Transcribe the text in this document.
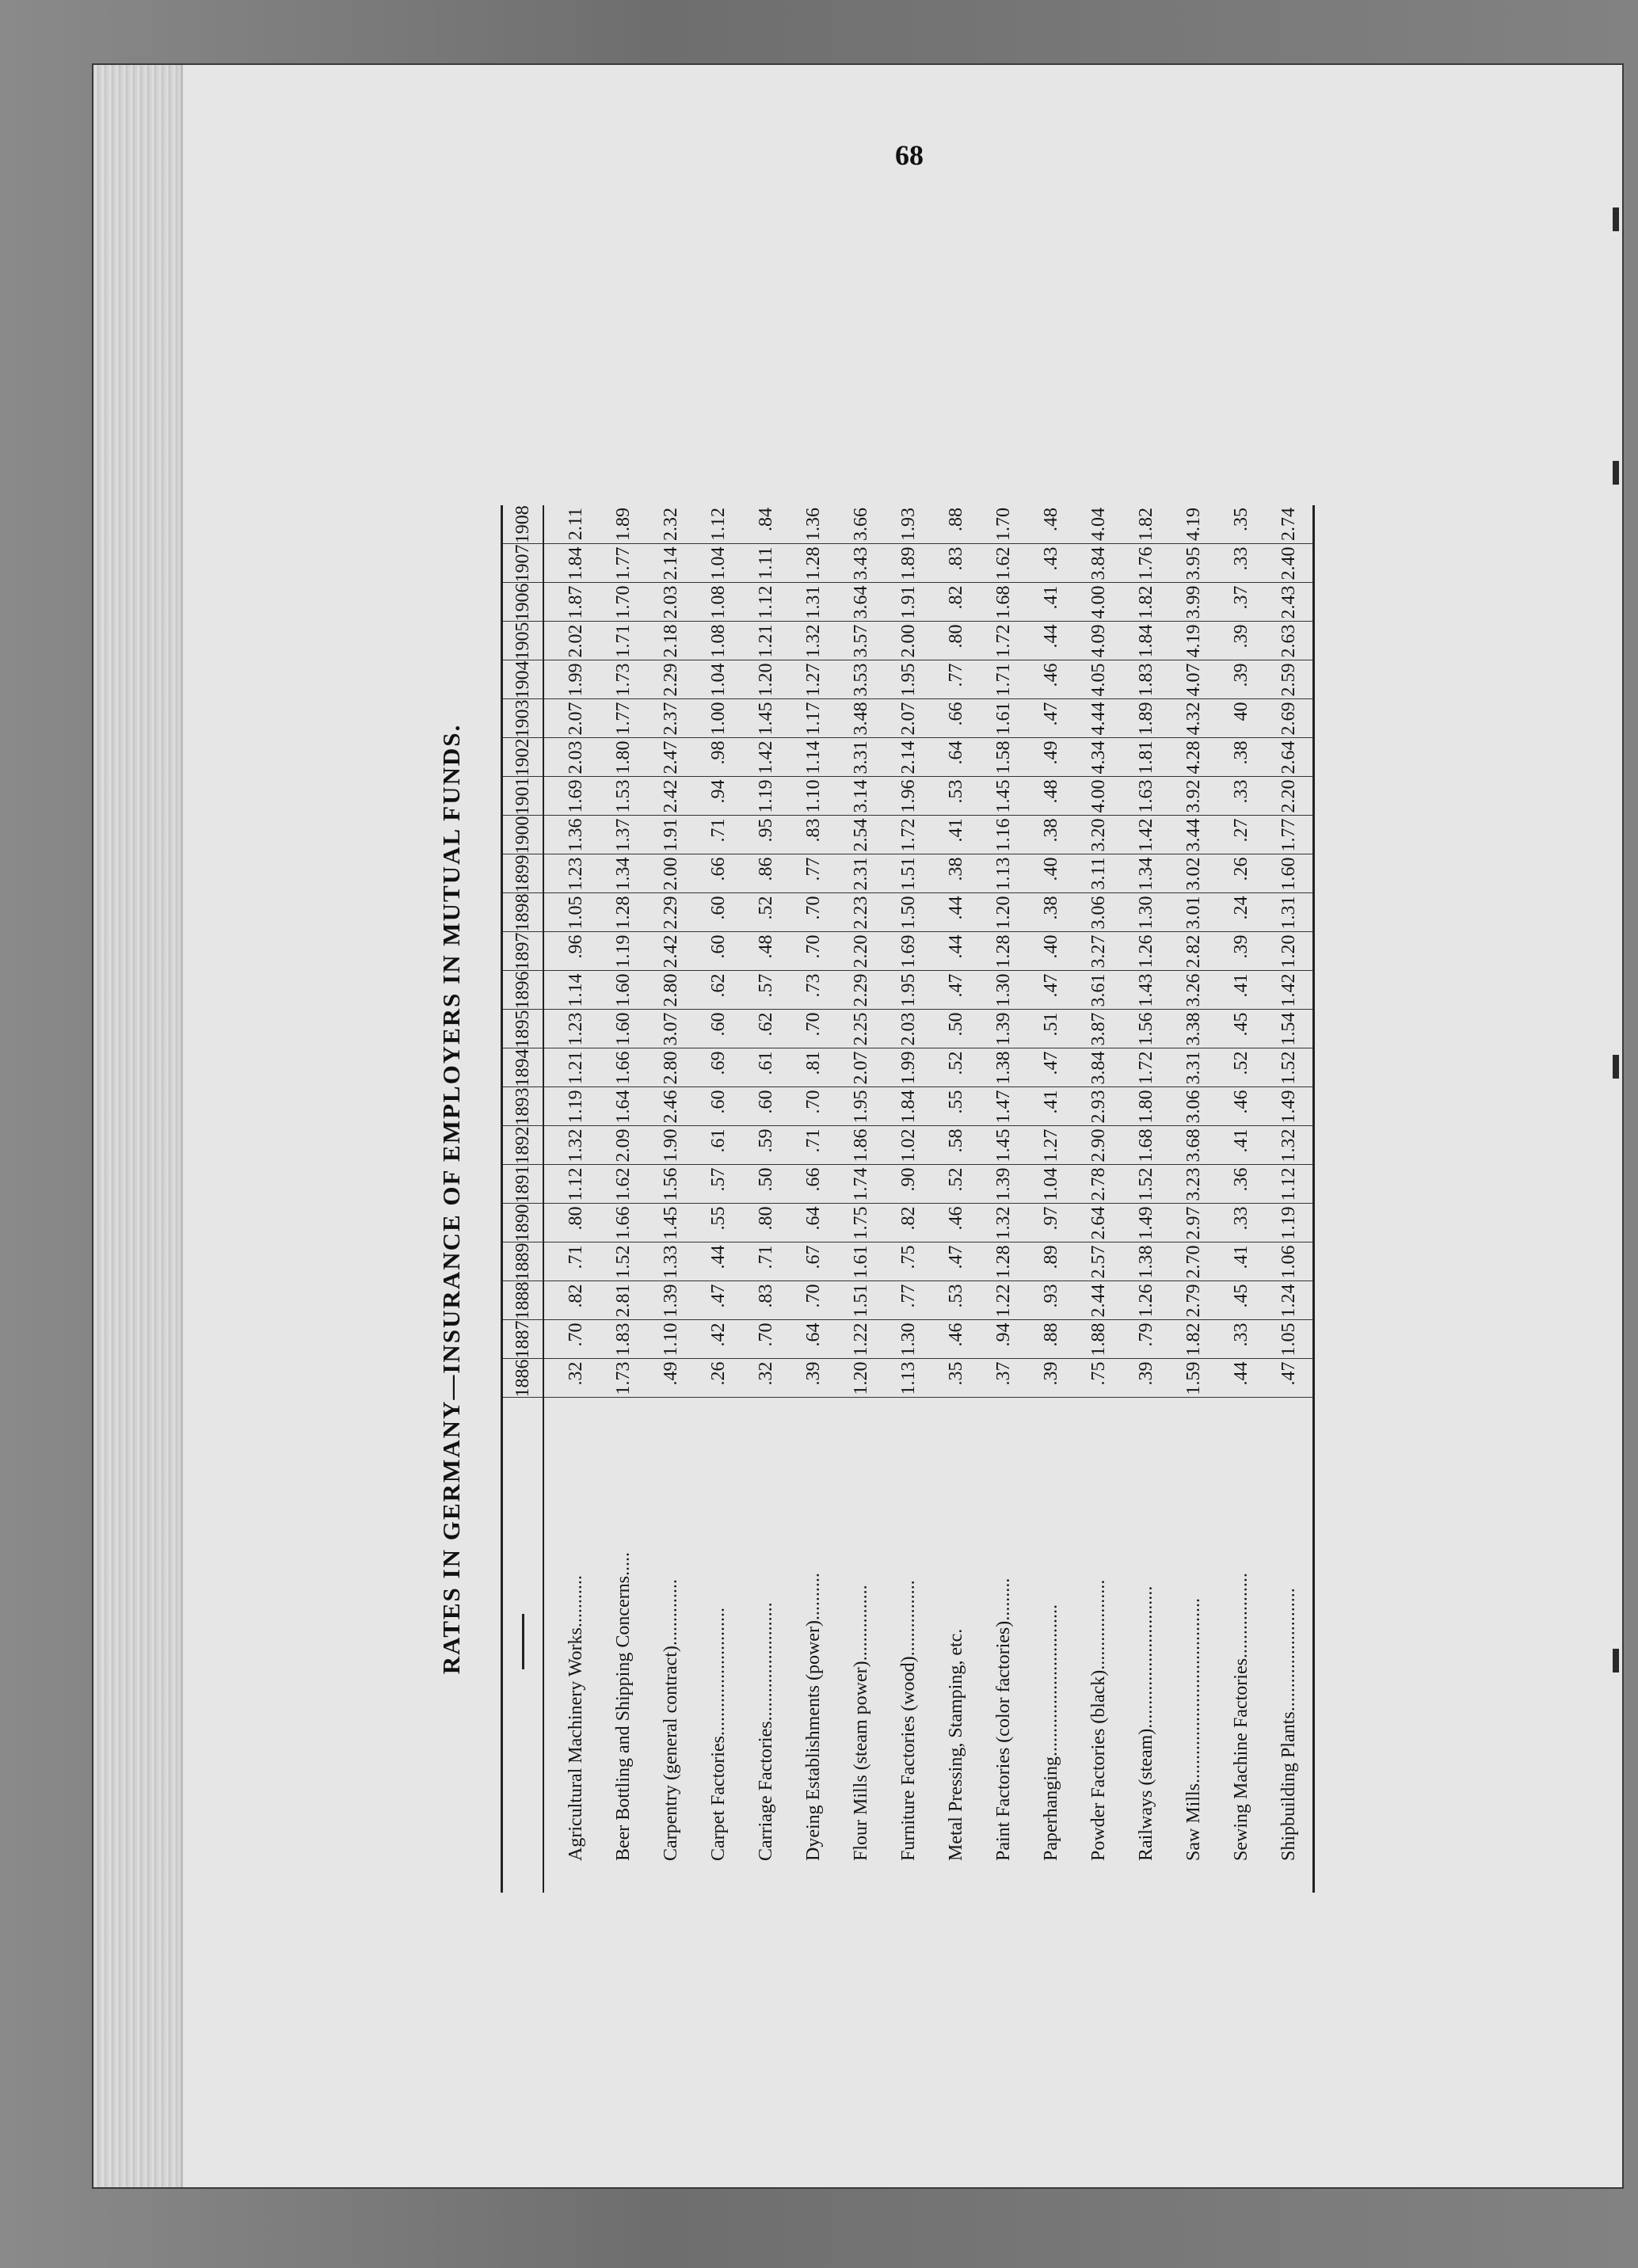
68
RATES IN GERMANY—INSURANCE OF EMPLOYERS IN MUTUAL FUNDS.
		1886	1887	1888	1889	1890	1891	1892	1893	1894	1895	1896	1897	1898	1899	1900	1901	1902	1903	1904	1905	1906	1907	1908
Agricultural Machinery Works...........	.32	.70	.82	.71	.80	1.12	1.32	1.19	1.21	1.23	1.14	.96	1.05	1.23	1.36	1.69	2.03	2.07	1.99	2.02	1.87	1.84	2.11
Beer Bottling and Shipping Concerns.....	1.73	1.83	2.81	1.52	1.66	1.62	2.09	1.64	1.66	1.60	1.60	1.19	1.28	1.34	1.37	1.53	1.80	1.77	1.73	1.71	1.70	1.77	1.89
Carpentry (general contract)..............	.49	1.10	1.39	1.33	1.45	1.56	1.90	2.46	2.80	3.07	2.80	2.42	2.29	2.00	1.91	2.42	2.47	2.37	2.29	2.18	2.03	2.14	2.32
Carpet Factories...........................	.26	.42	.47	.44	.55	.57	.61	.60	.69	.60	.62	.60	.60	.66	.71	.94	.98	1.00	1.04	1.08	1.08	1.04	1.12
Carriage Factories.........................	.32	.70	.83	.71	.80	.50	.59	.60	.61	.62	.57	.48	.52	.86	.95	1.19	1.42	1.45	1.20	1.21	1.12	1.11	.84
Dyeing Establishments (power)..........	.39	.64	.70	.67	.64	.66	.71	.70	.81	.70	.73	.70	.70	.77	.83	1.10	1.14	1.17	1.27	1.32	1.31	1.28	1.36
Flour Mills (steam power)................	1.20	1.22	1.51	1.61	1.75	1.74	1.86	1.95	2.07	2.25	2.29	2.20	2.23	2.31	2.54	3.14	3.31	3.48	3.53	3.57	3.64	3.43	3.66
Furniture Factories (wood)................	1.13	1.30	.77	.75	.82	.90	1.02	1.84	1.99	2.03	1.95	1.69	1.50	1.51	1.72	1.96	2.14	2.07	1.95	2.00	1.91	1.89	1.93
Metal Pressing, Stamping, etc.	.35	.46	.53	.47	.46	.52	.58	.55	.52	.50	.47	.44	.44	.38	.41	.53	.64	.66	.77	.80	.82	.83	.88
Paint Factories (color factories).........	.37	.94	1.22	1.28	1.32	1.39	1.45	1.47	1.38	1.39	1.30	1.28	1.20	1.13	1.16	1.45	1.58	1.61	1.71	1.72	1.68	1.62	1.70
Paperhanging................................	.39	.88	.93	.89	.97	1.04	1.27	.41	.47	.51	.47	.40	.38	.40	.38	.48	.49	.47	.46	.44	.41	.43	.48
Powder Factories (black)...................	.75	1.88	2.44	2.57	2.64	2.78	2.90	2.93	3.84	3.87	3.61	3.27	3.06	3.11	3.20	4.00	4.34	4.44	4.05	4.09	4.00	3.84	4.04
Railways (steam)..............................	.39	.79	1.26	1.38	1.49	1.52	1.68	1.80	1.72	1.56	1.43	1.26	1.30	1.34	1.42	1.63	1.81	1.89	1.83	1.84	1.82	1.76	1.82
Saw Mills.......................................	1.59	1.82	2.79	2.70	2.97	3.23	3.68	3.06	3.31	3.38	3.26	2.82	3.01	3.02	3.44	3.92	4.28	4.32	4.07	4.19	3.99	3.95	4.19
Sewing Machine Factories..................	.44	.33	.45	.41	.33	.36	.41	.46	.52	.45	.41	.39	.24	.26	.27	.33	.38	40	.39	.39	.37	.33	.35
Shipbuilding Plants..........................	.47	1.05	1.24	1.06	1.19	1.12	1.32	1.49	1.52	1.54	1.42	1.20	1.31	1.60	1.77	2.20	2.64	2.69	2.59	2.63	2.43	2.40	2.74
